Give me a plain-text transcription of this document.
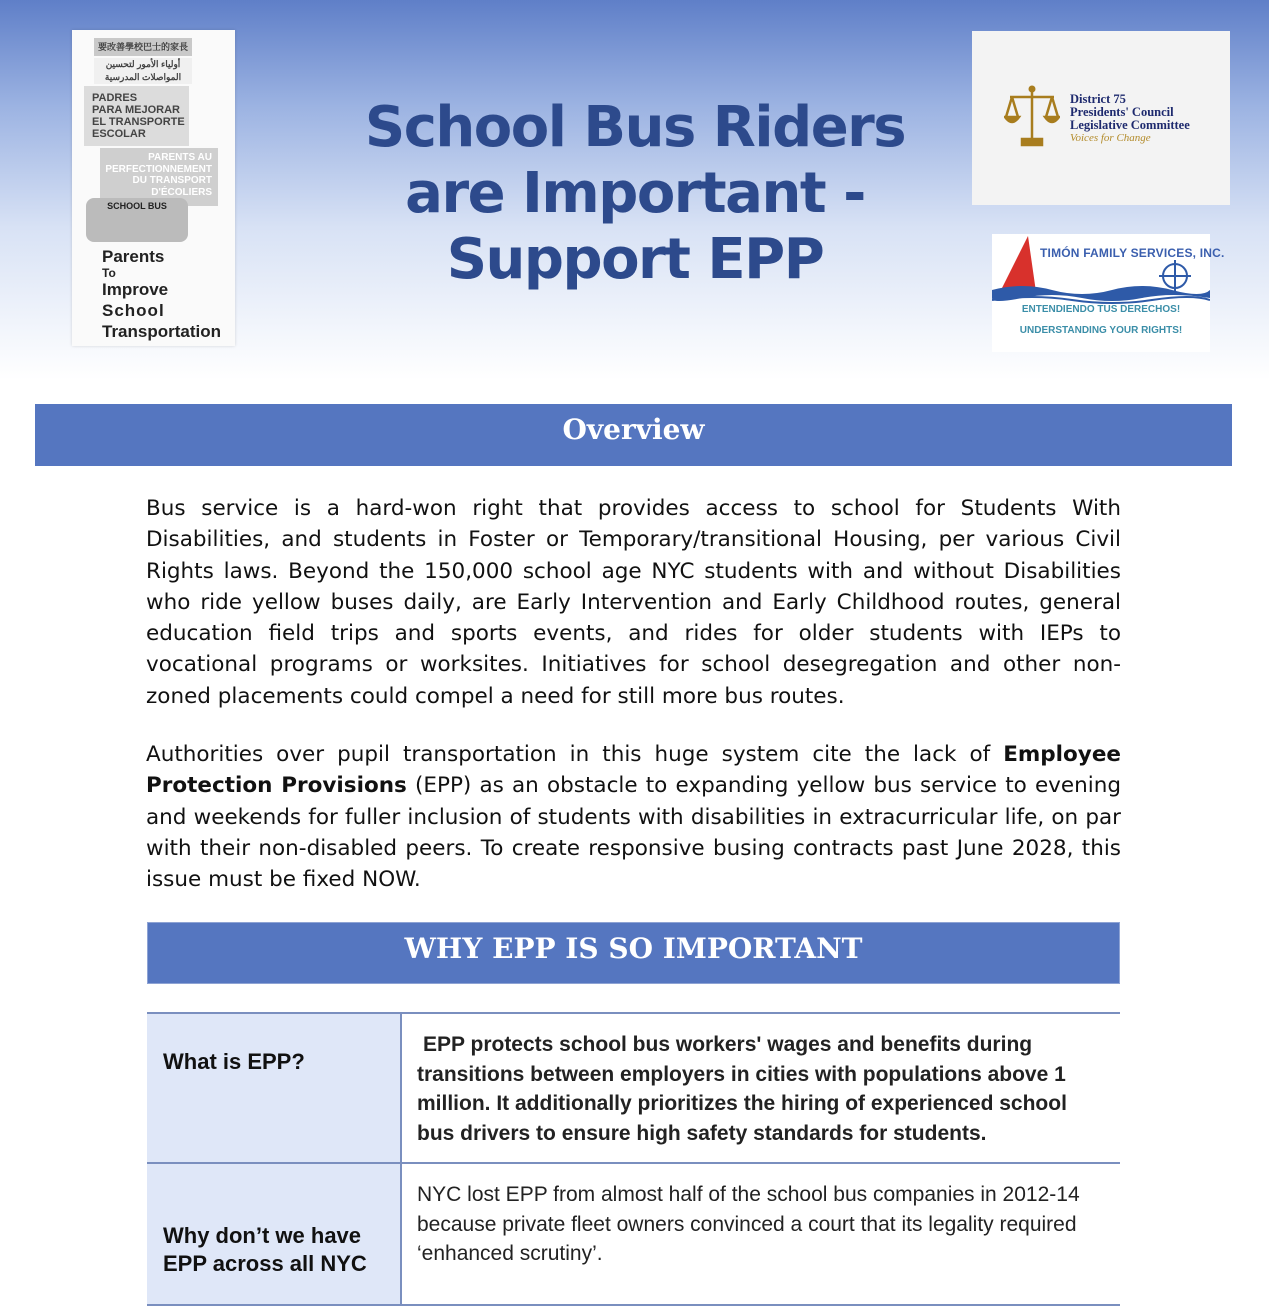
要改善學校巴士的家長
أولياء الأمور لتحسين المواصلات المدرسية
PADRES
PARA MEJORAR
EL TRANSPORTE
ESCOLAR
PARENTS AU
PERFECTIONNEMENT
DU TRANSPORT
D'ÉCOLIERS
SCHOOL BUS
Parents
To
Improve
School
Transportation
School Bus Riders
are Important -
Support EPP
District 75
Presidents' Council
Legislative Committee
Voices for Change
TIMÓN FAMILY SERVICES, INC.
ENTENDIENDO TUS DERECHOS!
UNDERSTANDING YOUR RIGHTS!
Overview

Bus service is a hard-won right that provides access to school for Students With Disabilities, and students in Foster or Temporary/transitional Housing, per various Civil Rights laws. Beyond the 150,000 school age NYC students with and without Disabilities who ride yellow buses daily, are Early Intervention and Early Childhood routes, general education field trips and sports events, and rides for older students with IEPs to vocational programs or worksites. Initiatives for school desegregation and other non-zoned placements could compel a need for still more bus routes.

Authorities over pupil transportation in this huge system cite the lack of Employee Protection Provisions (EPP) as an obstacle to expanding yellow bus service to evening and weekends for fuller inclusion of students with disabilities in extracurricular life, on par with their non-disabled peers. To create responsive busing contracts past June 2028, this issue must be fixed NOW.

WHY EPP IS SO IMPORTANT
What is EPP?
EPP protects school bus workers' wages and benefits during transitions between employers in cities with populations above 1 million. It additionally prioritizes the hiring of experienced school bus drivers to ensure high safety standards for students.
Why don’t we have EPP across all NYC
NYC lost EPP from almost half of the school bus companies in 2012-14 because private fleet owners convinced a court that its legality required ‘enhanced scrutiny’.
